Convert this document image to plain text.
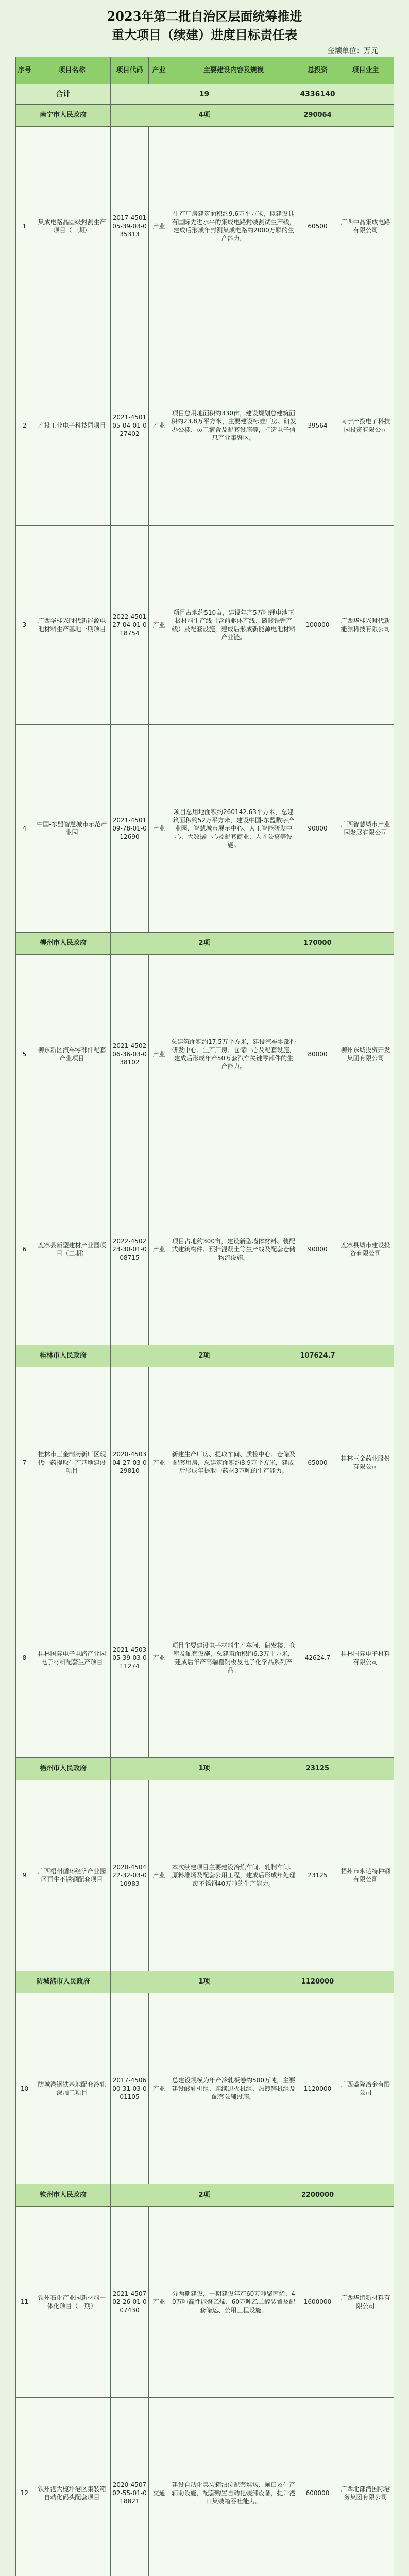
2023年第二批自治区层面统筹推进
重大项目（续建）进度目标责任表
金额单位：万元
序号	项目名称	项目代码	产业	主要建设内容及规模	总投资	项目业主
合计		19			4336140	
南宁市人民政府		4项			290064	
1	集成电路晶圆级封测生产项目（一期）	2017-450105-39-03-035313	产业	生产厂房建筑面积约9.6万平方米，拟建设具有国际先进水平的集成电路封装测试生产线，建成后形成年封测集成电路约2000万颗的生产能力。	60500	广西中晶集成电路有限公司
2	产投工业电子科技园项目	2021-450105-04-01-027402	产业	项目总用地面积约330亩，建设规划总建筑面积约23.8万平方米，主要建设标准厂房、研发办公楼、员工宿舍及配套设施等，打造电子信息产业集聚区。	39564	南宁产投电子科技园投资有限公司
3	广西华桂兴时代新能源电池材料生产基地一期项目	2022-450127-04-01-018754	产业	项目占地约510亩，建设年产5万吨锂电池正极材料生产线（含前驱体产线、磷酸铁锂产线）及配套设施，建成后形成新能源电池材料产业链。	100000	广西华桂兴时代新能源科技有限公司
4	中国-东盟智慧城市示范产业园	2021-450109-78-01-012690	产业	项目总用地面积约260142.63平方米，总建筑面积约52万平方米，建设中国-东盟数字产业园、智慧城市展示中心、人工智能研发中心、大数据中心及配套商业、人才公寓等设施。	90000	广西智慧城市产业园发展有限公司
柳州市人民政府		2项			170000	
5	柳东新区汽车零部件配套产业项目	2021-450206-36-03-038102	产业	总建筑面积约17.5万平方米，建设汽车零部件研发中心、生产厂房、仓储中心及配套设施，建成后形成年产50万套汽车关键零部件的生产能力。	80000	柳州东城投资开发集团有限公司
6	鹿寨县新型建材产业园项目（二期）	2022-450223-30-01-008715	产业	项目占地约300亩，建设新型墙体材料、装配式建筑构件、预拌混凝土等生产线及配套仓储物流设施。	90000	鹿寨县城市建设投资有限公司
桂林市人民政府		2项			107624.7	
7	桂林市三金制药新厂区现代中药提取生产基地建设项目	2020-450304-27-03-029810	产业	新建生产厂房、提取车间、质检中心、仓储及配套用房，总建筑面积约8.9万平方米，建成后形成年提取中药材3万吨的生产能力。	65000	桂林三金药业股份有限公司
8	桂林国际电子电路产业园电子材料配套生产项目	2021-450305-39-03-011274	产业	项目主要建设电子材料生产车间、研发楼、仓库及配套设施，总建筑面积约6.3万平方米，建成后年产高端覆铜板及电子化学品系列产品。	42624.7	桂林国际电子材料有限公司
梧州市人民政府		1项			23125	
9	广西梧州循环经济产业园区再生不锈钢配套项目	2020-450422-32-03-010983	产业	本次续建项目主要建设冶炼车间、轧制车间、原料堆场及配套公用工程，建成后形成年处理废不锈钢40万吨的生产能力。	23125	梧州市永达特种钢有限公司
防城港市人民政府		1项			1120000	
10	防城港钢铁基地配套冷轧深加工项目	2017-450600-31-03-001105	产业	总建设规模为年产冷轧板卷约500万吨，主要建设酸轧机组、连续退火机组、热镀锌机组及配套公辅设施。	1120000	广西盛隆冶金有限公司
钦州市人民政府		2项			2200000	
11	钦州石化产业园新材料一体化项目（一期）	2021-450702-26-01-007430	产业	分两期建设，一期建设年产60万吨聚丙烯、40万吨高性能聚乙烯、60万吨乙二醇装置及配套储运、公用工程设施。	1600000	广西华谊新材料有限公司
12	钦州港大榄坪港区集装箱自动化码头配套项目	2020-450702-55-01-018821	交通	建设自动化集装箱泊位配套堆场、闸口及生产辅助设施，配套购置自动化装卸设备，提升港口集装箱吞吐能力。	600000	广西北部湾国际港务集团有限公司
